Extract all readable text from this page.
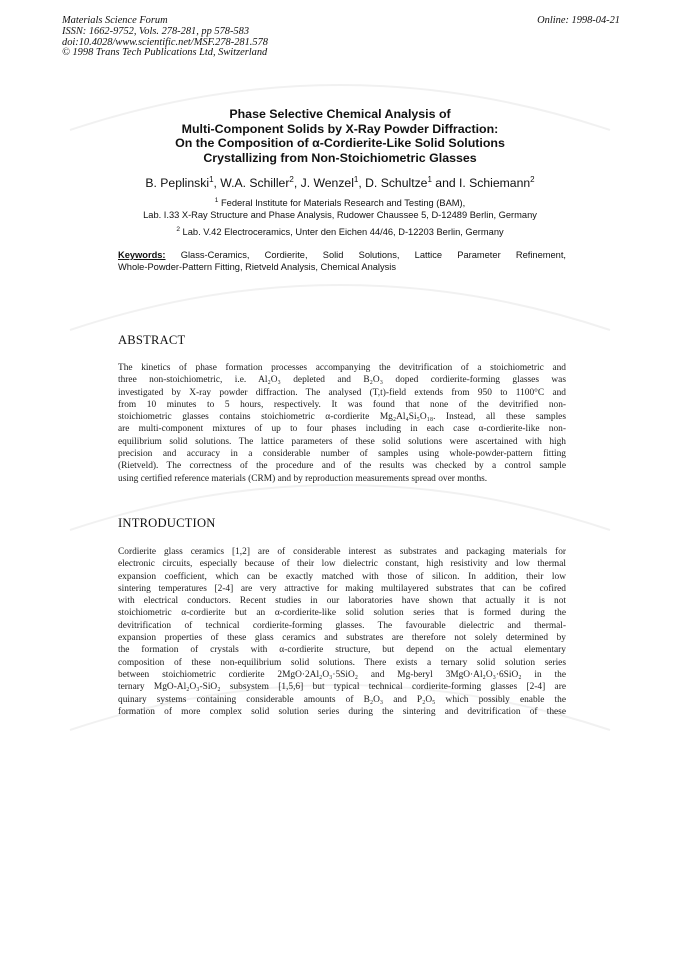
Materials Science Forum
ISSN: 1662-9752, Vols. 278-281, pp 578-583
doi:10.4028/www.scientific.net/MSF.278-281.578
© 1998 Trans Tech Publications Ltd, Switzerland
Online: 1998-04-21
Phase Selective Chemical Analysis of
Multi-Component Solids by X-Ray Powder Diffraction:
On the Composition of α-Cordierite-Like Solid Solutions
Crystallizing from Non-Stoichiometric Glasses
B. Peplinski$^1$, W.A. Schiller$^2$, J. Wenzel$^1$, D. Schultze$^1$ and I. Schiemann$^2$
$^1$ Federal Institute for Materials Research and Testing (BAM),
Lab. I.33 X-Ray Structure and Phase Analysis, Rudower Chaussee 5, D-12489 Berlin, Germany
$^2$ Lab. V.42 Electroceramics, Unter den Eichen 44/46, D-12203 Berlin, Germany
Keywords: Glass-Ceramics, Cordierite, Solid Solutions, Lattice Parameter Refinement,
Whole-Powder-Pattern Fitting, Rietveld Analysis, Chemical Analysis
ABSTRACT
The kinetics of phase formation processes accompanying the devitrification of a stoichiometric and
three non-stoichiometric, i.e. Al₂O₃ depleted and B₂O₃ doped cordierite-forming glasses was
investigated by X-ray powder diffraction. The analysed (T,t)-field extends from 950 to 1100°C and
from 10 minutes to 5 hours, respectively. It was found that none of the devitrified non-
stoichiometric glasses contains stoichiometric α-cordierite Mg₂Al₄Si₅O₁₈. Instead, all these samples
are multi-component mixtures of up to four phases including in each case α-cordierite-like non-
equilibrium solid solutions. The lattice parameters of these solid solutions were ascertained with high
precision and accuracy in a considerable number of samples using whole-powder-pattern fitting
(Rietveld). The correctness of the procedure and of the results was checked by a control sample
using certified reference materials (CRM) and by reproduction measurements spread over months.
INTRODUCTION
Cordierite glass ceramics [1,2] are of considerable interest as substrates and packaging materials for
electronic circuits, especially because of their low dielectric constant, high resistivity and low thermal
expansion coefficient, which can be exactly matched with those of silicon. In addition, their low
sintering temperatures [2-4] are very attractive for making multilayered substrates that can be cofired
with electrical conductors. Recent studies in our laboratories have shown that actually it is not
stoichiometric α-cordierite but an α-cordierite-like solid solution series that is formed during the
devitrification of technical cordierite-forming glasses. The favourable dielectric and thermal-
expansion properties of these glass ceramics and substrates are therefore not solely determined by
the formation of crystals with α-cordierite structure, but depend on the actual elementary
composition of these non-equilibrium solid solutions. There exists a ternary solid solution series
between stoichiometric cordierite 2MgO·2Al₂O₃·5SiO₂ and Mg-beryl 3MgO·Al₂O₃·6SiO₂ in the
ternary MgO-Al₂O₃-SiO₂ subsystem [1,5,6] but typical technical cordierite-forming glasses [2-4] are
quinary systems containing considerable amounts of B₂O₃ and P₂O₅ which possibly enable the
formation of more complex solid solution series during the sintering and devitrification of these
